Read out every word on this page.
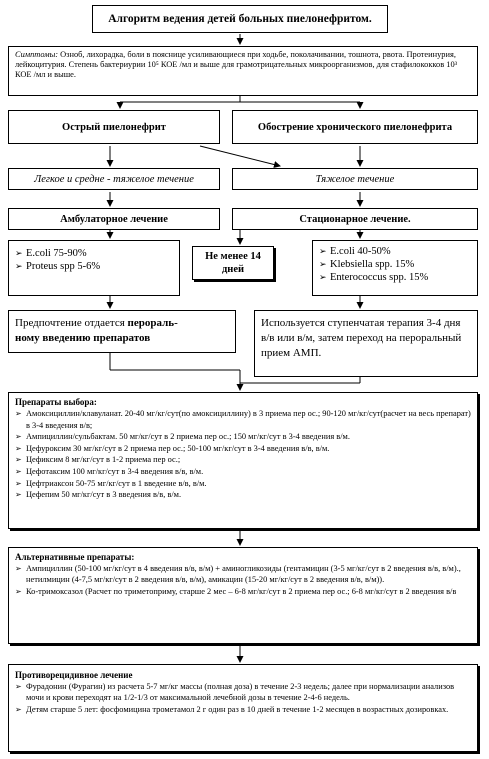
Алгоритм ведения детей больных пиелонефритом.
Симптомы: Озноб, лихорадка, боли в пояснице усиливающиеся при ходьбе, поколачивании, тошнота, рвота. Протеинурия, лейкоцитурия. Степень бактериурии 10⁵ КОЕ /мл и выше для грамотрицательных микроорганизмов, для стафилококков 10³ КОЕ /мл и выше.
Острый пиелонефрит	Обострение хронического пиелонефрита
Легкое и средне - тяжелое течение	Тяжелое течение
Амбулаторное лечение	Стационарное лечение.
➢ E.coli 75-90%
➢ Proteus spp 5-6%
Не менее 14 дней
➢ E.coli 40-50%
➢ Klebsiella spp. 15%
➢ Enterococcus spp. 15%
Предпочтение отдается перораль-
ному введению препаратов
Используется ступенчатая терапия 3-4 дня в/в или в/м, затем переход на пероральный прием АМП.
Препараты выбора:
➢ Амоксициллин/клавуланат. 20-40 мг/кг/сут(по амоксициллину) в 3 приема пер ос.; 90-120 мг/кг/сут(расчет на весь препарат) в 3-4 введения в/в;
➢ Ампициллин/сульбактам. 50 мг/кг/сут в 2 приема пер ос.; 150 мг/кг/сут в 3-4 введения в/м.
➢ Цефуроксим 30 мг/кг/сут в 2 приема пер ос.; 50-100 мг/кг/сут в 3-4 введения в/в, в/м.
➢ Цефиксим 8 мг/кг/сут в 1-2 приема пер ос.;
➢ Цефотаксим 100 мг/кг/сут в 3-4 введения в/в, в/м.
➢ Цефтриаксон 50-75 мг/кг/сут в 1 введение в/в, в/м.
➢ Цефепим 50 мг/кг/сут в 3 введения в/в, в/м.
Альтернативные препараты:
➢ Ампициллин (50-100 мг/кг/сут в 4 введения в/в, в/м) + аминогликозиды (гентамицин (3-5 мг/кг/сут в 2 введения в/в, в/м)., нетилмицин (4-7,5 мг/кг/сут в 2 введения в/в, в/м), амикацин (15-20 мг/кг/сут в 2 введения в/в, в/м)).
➢ Ко-тримоксазол (Расчет по триметоприму, старше 2 мес – 6-8 мг/кг/сут в 2 приема пер ос.; 6-8 мг/кг/сут в 2 введения в/в
Противорецидивное лечение
➢ Фурадонин (Фурагин) из расчета 5-7 мг/кг массы (полная доза) в течение 2-3 недель; далее при нормализации анализов мочи и крови переходят на 1/2-1/3 от максимальной лечебной дозы в течение 2-4-6 недель.
➢ Детям старше 5 лет: фосфомицина трометамол 2 г один раз в 10 дней в течение 1-2 месяцев в возрастных дозировках.
